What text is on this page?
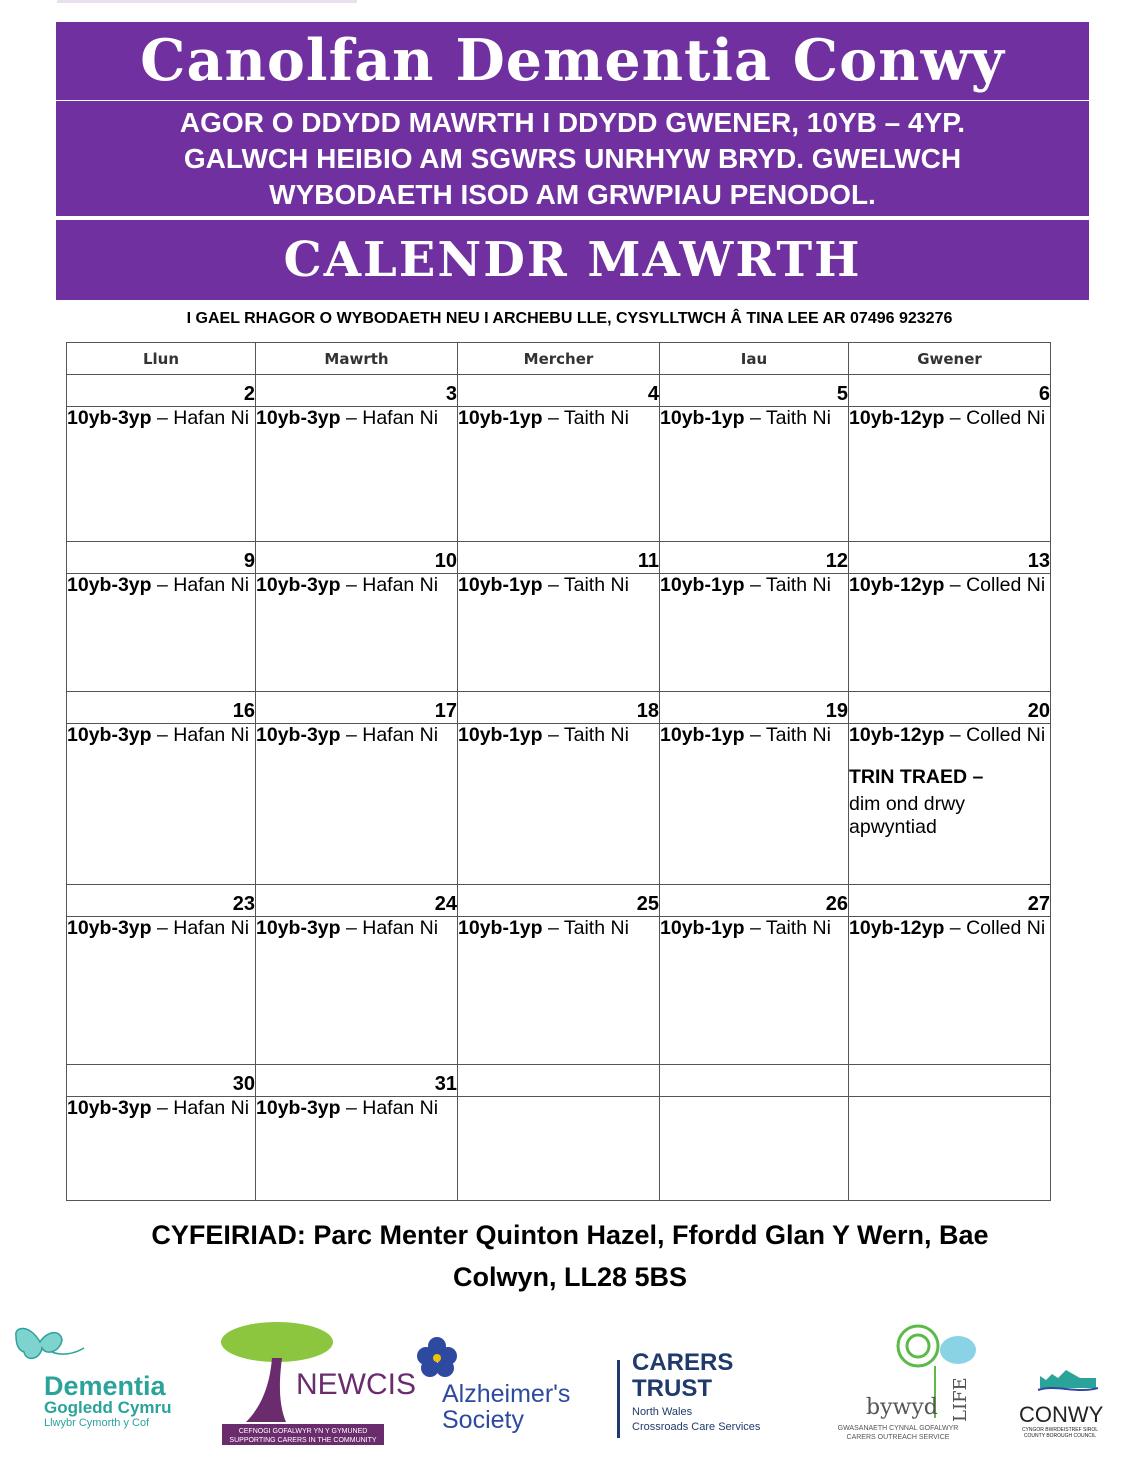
Canolfan Dementia Conwy
AGOR O DDYDD MAWRTH I DDYDD GWENER, 10YB – 4YP.
GALWCH HEIBIO AM SGWRS UNRHYW BRYD. GWELWCH
WYBODAETH ISOD AM GRWPIAU PENODOL.
CALENDR MAWRTH
I GAEL RHAGOR O WYBODAETH NEU I ARCHEBU LLE, CYSYLLTWCH Â TINA LEE AR 07496 923276
Llun	Mawrth	Mercher	Iau	Gwener
2	3	4	5	6

10yb-3yp – Hafan Ni	10yb-3yp – Hafan Ni	10yb-1yp – Taith Ni	10yb-1yp – Taith Ni	10yb-12yp – Colled Ni

9	10	11	12	13

10yb-3yp – Hafan Ni	10yb-3yp – Hafan Ni	10yb-1yp – Taith Ni	10yb-1yp – Taith Ni	10yb-12yp – Colled Ni

16	17	18	19	20

10yb-3yp – Hafan Ni	10yb-3yp – Hafan Ni	10yb-1yp – Taith Ni	10yb-1yp – Taith Ni	10yb-12yp – Colled Ni
TRIN TRAED –
dim ond drwy apwyntiad

23	24	25	26	27

10yb-3yp – Hafan Ni	10yb-3yp – Hafan Ni	10yb-1yp – Taith Ni	10yb-1yp – Taith Ni	10yb-12yp – Colled Ni

30	31			

10yb-3yp – Hafan Ni	10yb-3yp – Hafan Ni			

CYFEIRIAD: Parc Menter Quinton Hazel, Ffordd Glan Y Wern, Bae
Colwyn, LL28 5BS
Dementia
Gogledd Cymru
Llwybr Cymorth y Cof
NEWCIS
CEFNOGI GOFALWYR YN Y GYMUNED
SUPPORTING CARERS IN THE COMMUNITY
Alzheimer's
Society
CARERS
TRUST
North Wales
Crossroads Care Services
bywyd LIFE
GWASANAETH CYNNAL GOFALWYR
CARERS OUTREACH SERVICE
CONWY
CYNGOR BWRDEISTREF SIROL
COUNTY BOROUGH COUNCIL
